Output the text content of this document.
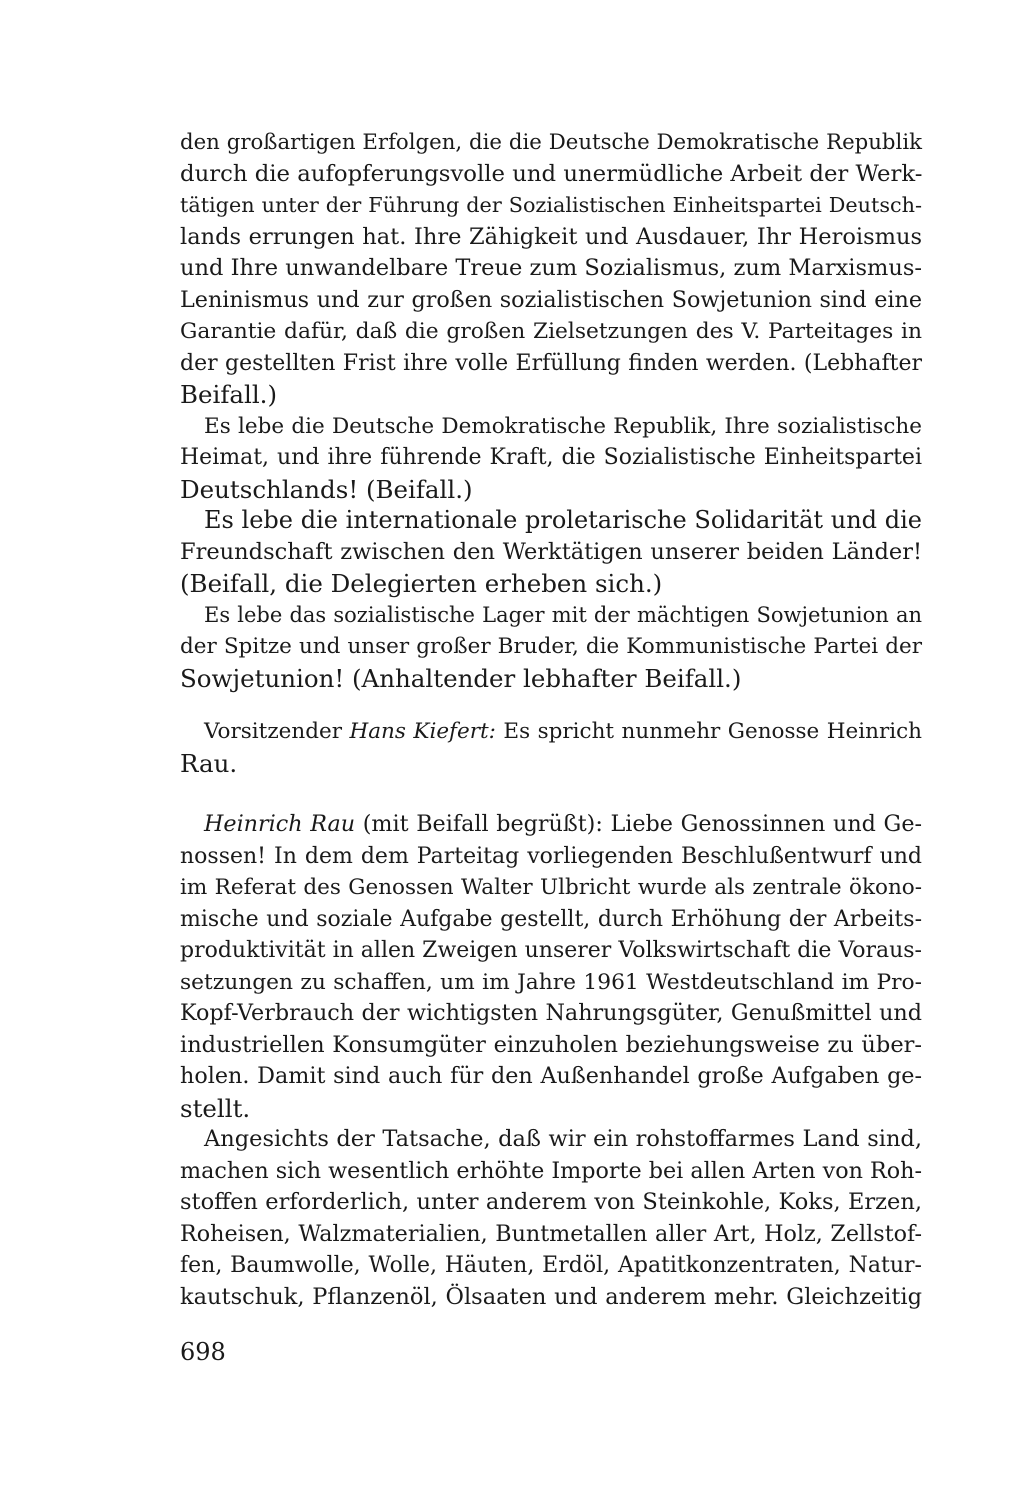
den großartigen Erfolgen, die die Deutsche Demokratische Republik
durch die aufopferungsvolle und unermüdliche Arbeit der Werk-
tätigen unter der Führung der Sozialistischen Einheitspartei Deutsch-
lands errungen hat. Ihre Zähigkeit und Ausdauer, Ihr Heroismus
und Ihre unwandelbare Treue zum Sozialismus, zum Marxismus-
Leninismus und zur großen sozialistischen Sowjetunion sind eine
Garantie dafür, daß die großen Zielsetzungen des V. Parteitages in
der gestellten Frist ihre volle Erfüllung finden werden. (Lebhafter
Beifall.)

Es lebe die Deutsche Demokratische Republik, Ihre sozialistische
Heimat, und ihre führende Kraft, die Sozialistische Einheitspartei
Deutschlands! (Beifall.)

Es lebe die internationale proletarische Solidarität und die
Freundschaft zwischen den Werktätigen unserer beiden Länder!
(Beifall, die Delegierten erheben sich.)

Es lebe das sozialistische Lager mit der mächtigen Sowjetunion an
der Spitze und unser großer Bruder, die Kommunistische Partei der
Sowjetunion! (Anhaltender lebhafter Beifall.)

Vorsitzender Hans Kiefert: Es spricht nunmehr Genosse Heinrich
Rau.

Heinrich Rau (mit Beifall begrüßt): Liebe Genossinnen und Ge-
nossen! In dem dem Parteitag vorliegenden Beschlußentwurf und
im Referat des Genossen Walter Ulbricht wurde als zentrale ökono-
mische und soziale Aufgabe gestellt, durch Erhöhung der Arbeits-
produktivität in allen Zweigen unserer Volkswirtschaft die Voraus-
setzungen zu schaffen, um im Jahre 1961 Westdeutschland im Pro-
Kopf-Verbrauch der wichtigsten Nahrungsgüter, Genußmittel und
industriellen Konsumgüter einzuholen beziehungsweise zu über-
holen. Damit sind auch für den Außenhandel große Aufgaben ge-
stellt.

Angesichts der Tatsache, daß wir ein rohstoffarmes Land sind,
machen sich wesentlich erhöhte Importe bei allen Arten von Roh-
stoffen erforderlich, unter anderem von Steinkohle, Koks, Erzen,
Roheisen, Walzmaterialien, Buntmetallen aller Art, Holz, Zellstof-
fen, Baumwolle, Wolle, Häuten, Erdöl, Apatitkonzentraten, Natur-
kautschuk, Pflanzenöl, Ölsaaten und anderem mehr. Gleichzeitig

698
